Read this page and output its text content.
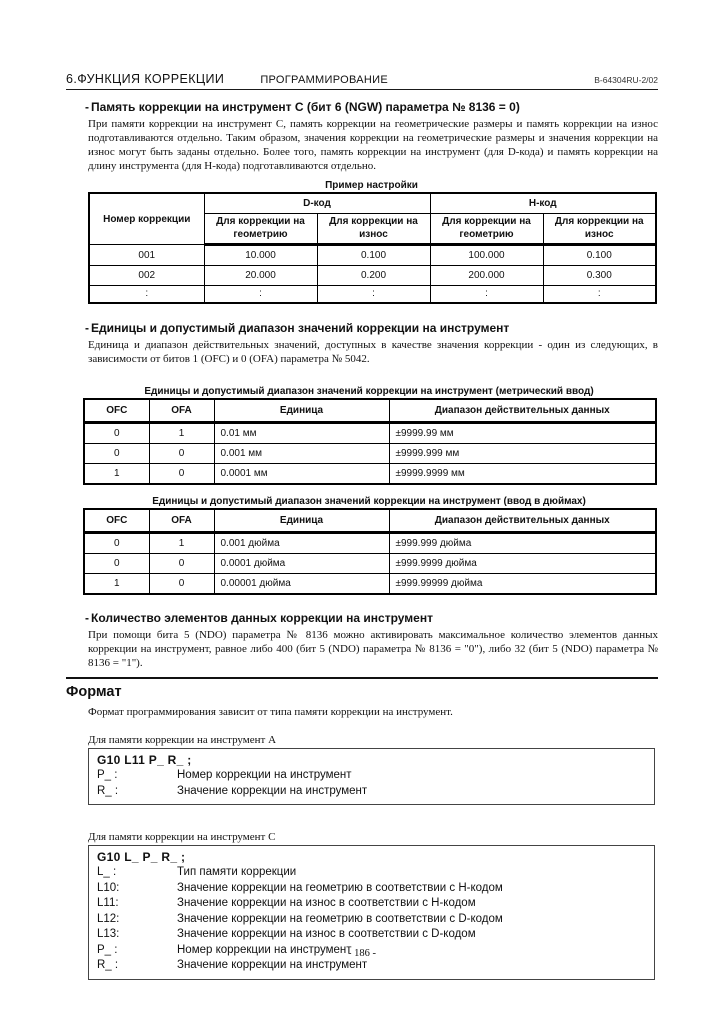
6.ФУНКЦИЯ КОРРЕКЦИИ	ПРОГРАММИРОВАНИЕ	B-64304RU-2/02
- Память коррекции на инструмент C (бит 6 (NGW) параметра № 8136 = 0)

При памяти коррекции на инструмент C, память коррекции на геометрические размеры и память коррекции на износ подготавливаются отдельно. Таким образом, значения коррекции на геометрические размеры и значения коррекции на износ могут быть заданы отдельно. Более того, память коррекции на инструмент (для D-кода) и память коррекции на длину инструмента (для H-кода) подготавливаются отдельно.

Пример настройки
Номер коррекции	D-код		H-код	
	Для коррекции на геометрию	Для коррекции на износ	Для коррекции на геометрию	Для коррекции на износ
001	10.000	0.100	100.000	0.100
002	20.000	0.200	200.000	0.300
:	:	:	:	:
- Единицы и допустимый диапазон значений коррекции на инструмент

Единица и диапазон действительных значений, доступных в качестве значения коррекции - один из следующих, в зависимости от битов 1 (OFC) и 0 (OFA) параметра № 5042.

Единицы и допустимый диапазон значений коррекции на инструмент (метрический ввод)
OFC	OFA	Единица	Диапазон действительных данных
0	1	0.01 мм	±9999.99 мм
0	0	0.001 мм	±9999.999 мм
1	0	0.0001 мм	±9999.9999 мм
Единицы и допустимый диапазон значений коррекции на инструмент (ввод в дюймах)
OFC	OFA	Единица	Диапазон действительных данных
0	1	0.001 дюйма	±999.999 дюйма
0	0	0.0001 дюйма	±999.9999 дюйма
1	0	0.00001 дюйма	±999.99999 дюйма
- Количество элементов данных коррекции на инструмент

При помощи бита 5 (NDO) параметра № 8136 можно активировать максимальное количество элементов данных коррекции на инструмент, равное либо 400 (бит 5 (NDO) параметра № 8136 = "0"), либо 32 (бит 5 (NDO) параметра № 8136 = "1").

Формат

Формат программирования зависит от типа памяти коррекции на инструмент.

Для памяти коррекции на инструмент A
G10 L11 P_ R_ ;
P_ :	Номер коррекции на инструмент
R_ :	Значение коррекции на инструмент
Для памяти коррекции на инструмент C
G10 L_ P_ R_ ;
L_ :	Тип памяти коррекции
L10:	Значение коррекции на геометрию в соответствии с H-кодом
L11:	Значение коррекции на износ в соответствии с H-кодом
L12:	Значение коррекции на геометрию в соответствии с D-кодом
L13:	Значение коррекции на износ в соответствии с D-кодом
P_ :	Номер коррекции на инструмент
R_ :	Значение коррекции на инструмент
- 186 -
